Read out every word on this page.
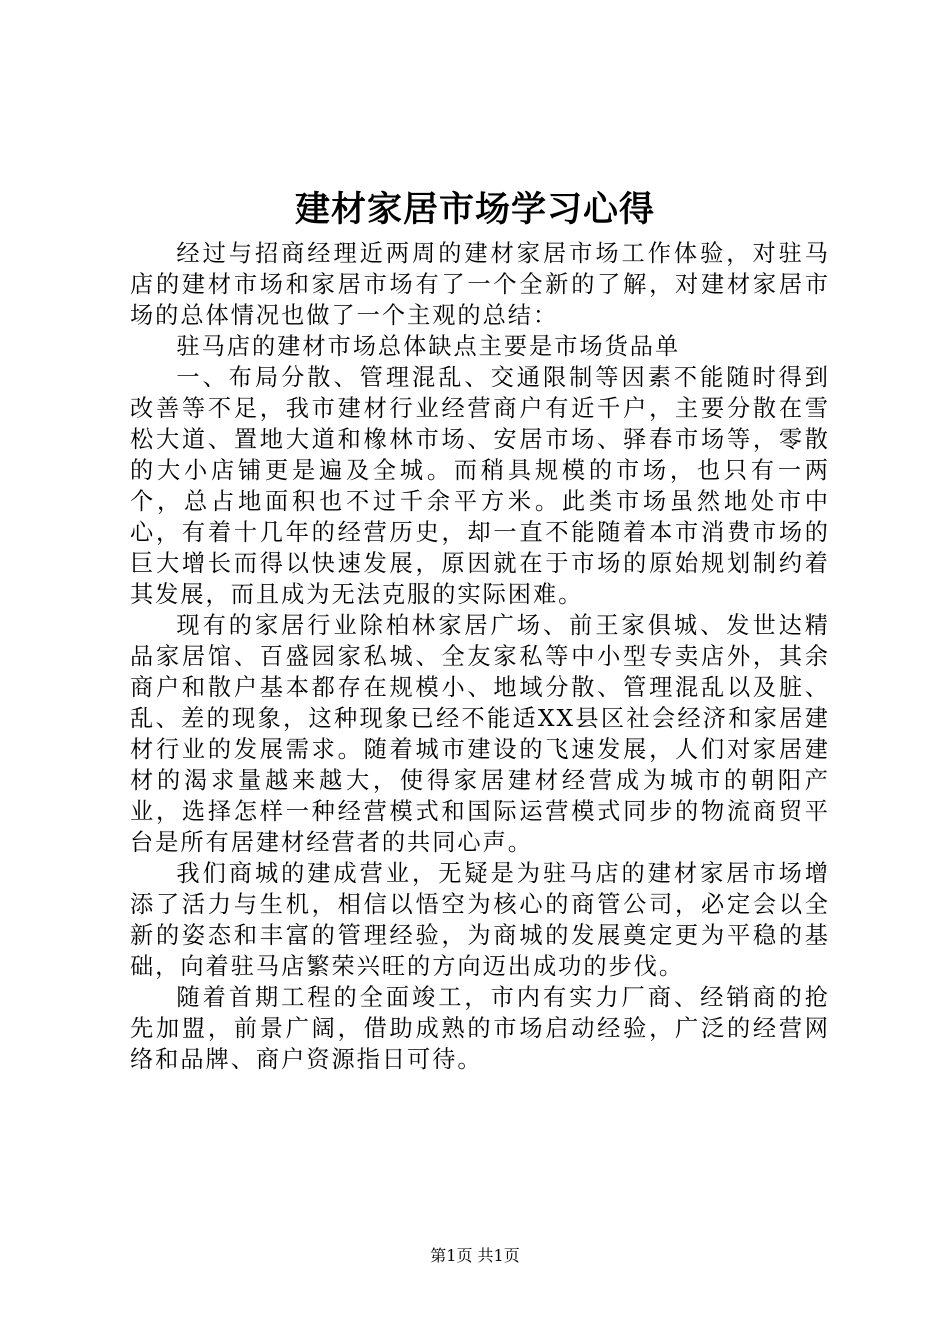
建材家居市场学习心得

经过与招商经理近两周的建材家居市场工作体验，对驻马店的建材市场和家居市场有了一个全新的了解，对建材家居市场的总体情况也做了一个主观的总结：

驻马店的建材市场总体缺点主要是市场货品单

一、布局分散、管理混乱、交通限制等因素不能随时得到改善等不足，我市建材行业经营商户有近千户，主要分散在雪松大道、置地大道和橡林市场、安居市场、驿春市场等，零散的大小店铺更是遍及全城。而稍具规模的市场，也只有一两个，总占地面积也不过千余平方米。此类市场虽然地处市中心，有着十几年的经营历史，却一直不能随着本市消费市场的巨大增长而得以快速发展，原因就在于市场的原始规划制约着其发展，而且成为无法克服的实际困难。

现有的家居行业除柏林家居广场、前王家俱城、发世达精品家居馆、百盛园家私城、全友家私等中小型专卖店外，其余商户和散户基本都存在规模小、地域分散、管理混乱以及脏、乱、差的现象，这种现象已经不能适XX县区社会经济和家居建材行业的发展需求。随着城市建设的飞速发展，人们对家居建材的渴求量越来越大，使得家居建材经营成为城市的朝阳产业，选择怎样一种经营模式和国际运营模式同步的物流商贸平台是所有居建材经营者的共同心声。

我们商城的建成营业，无疑是为驻马店的建材家居市场增添了活力与生机，相信以悟空为核心的商管公司，必定会以全新的姿态和丰富的管理经验，为商城的发展奠定更为平稳的基础，向着驻马店繁荣兴旺的方向迈出成功的步伐。

随着首期工程的全面竣工，市内有实力厂商、经销商的抢先加盟，前景广阔，借助成熟的市场启动经验，广泛的经营网络和品牌、商户资源指日可待。

第1页 共1页
